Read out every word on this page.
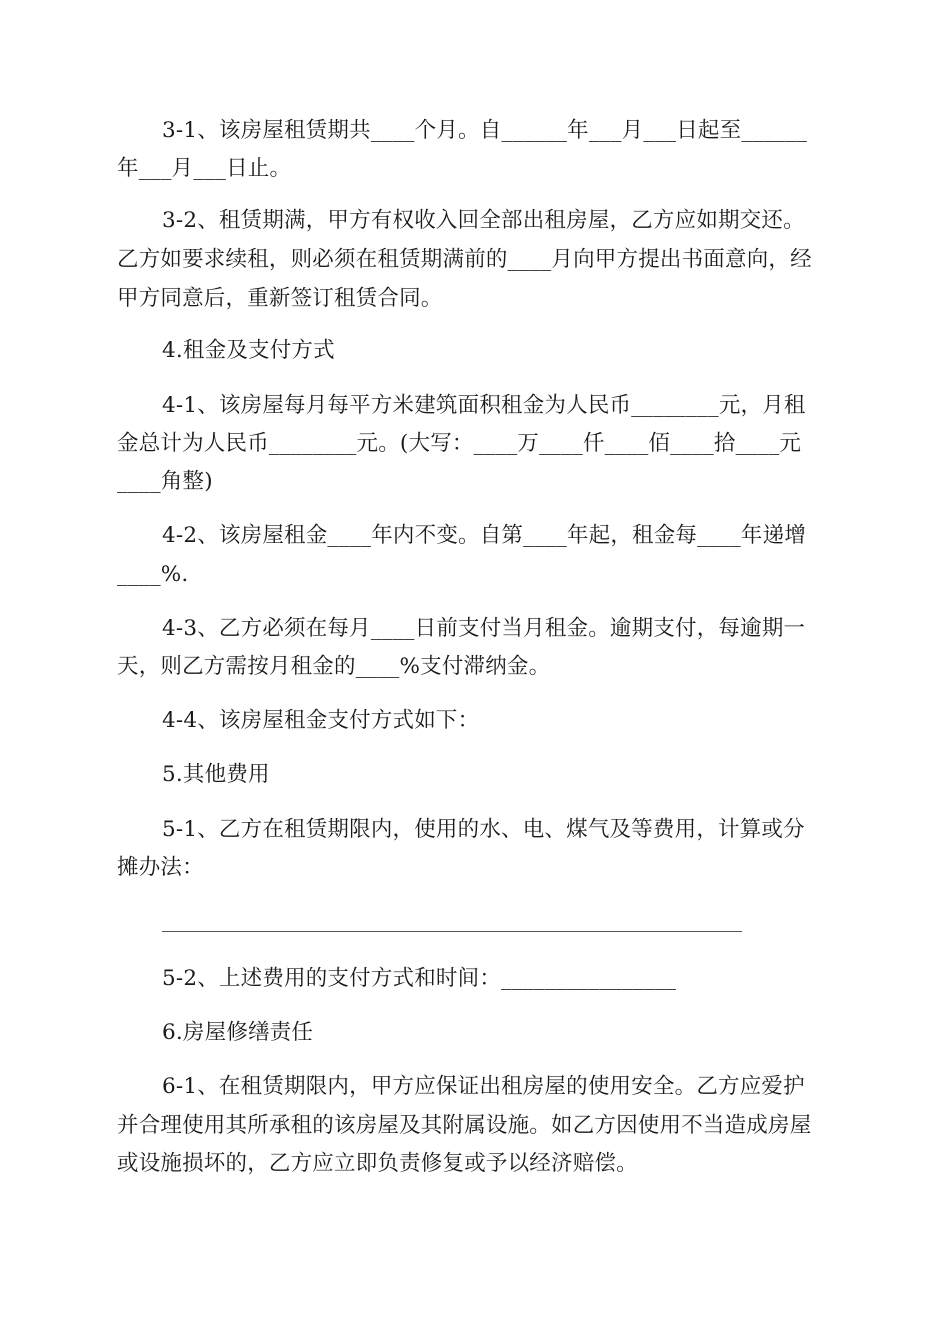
3-1、该房屋租赁期共____个月。自______年___月___日起至______
年___月___日止。
3-2、租赁期满，甲方有权收入回全部出租房屋，乙方应如期交还。
乙方如要求续租，则必须在租赁期满前的____月向甲方提出书面意向，经
甲方同意后，重新签订租赁合同。
4.租金及支付方式
4-1、该房屋每月每平方米建筑面积租金为人民币________元，月租
金总计为人民币________元。(大写：____万____仟____佰____拾____元
____角整)
4-2、该房屋租金____年内不变。自第____年起，租金每____年递增
____%.
4-3、乙方必须在每月____日前支付当月租金。逾期支付，每逾期一
天，则乙方需按月租金的____%支付滞纳金。
4-4、该房屋租金支付方式如下：
5.其他费用
5-1、乙方在租赁期限内，使用的水、电、煤气及等费用，计算或分
摊办法：
5-2、上述费用的支付方式和时间：________________
6.房屋修缮责任
6-1、在租赁期限内，甲方应保证出租房屋的使用安全。乙方应爱护
并合理使用其所承租的该房屋及其附属设施。如乙方因使用不当造成房屋
或设施损坏的，乙方应立即负责修复或予以经济赔偿。
